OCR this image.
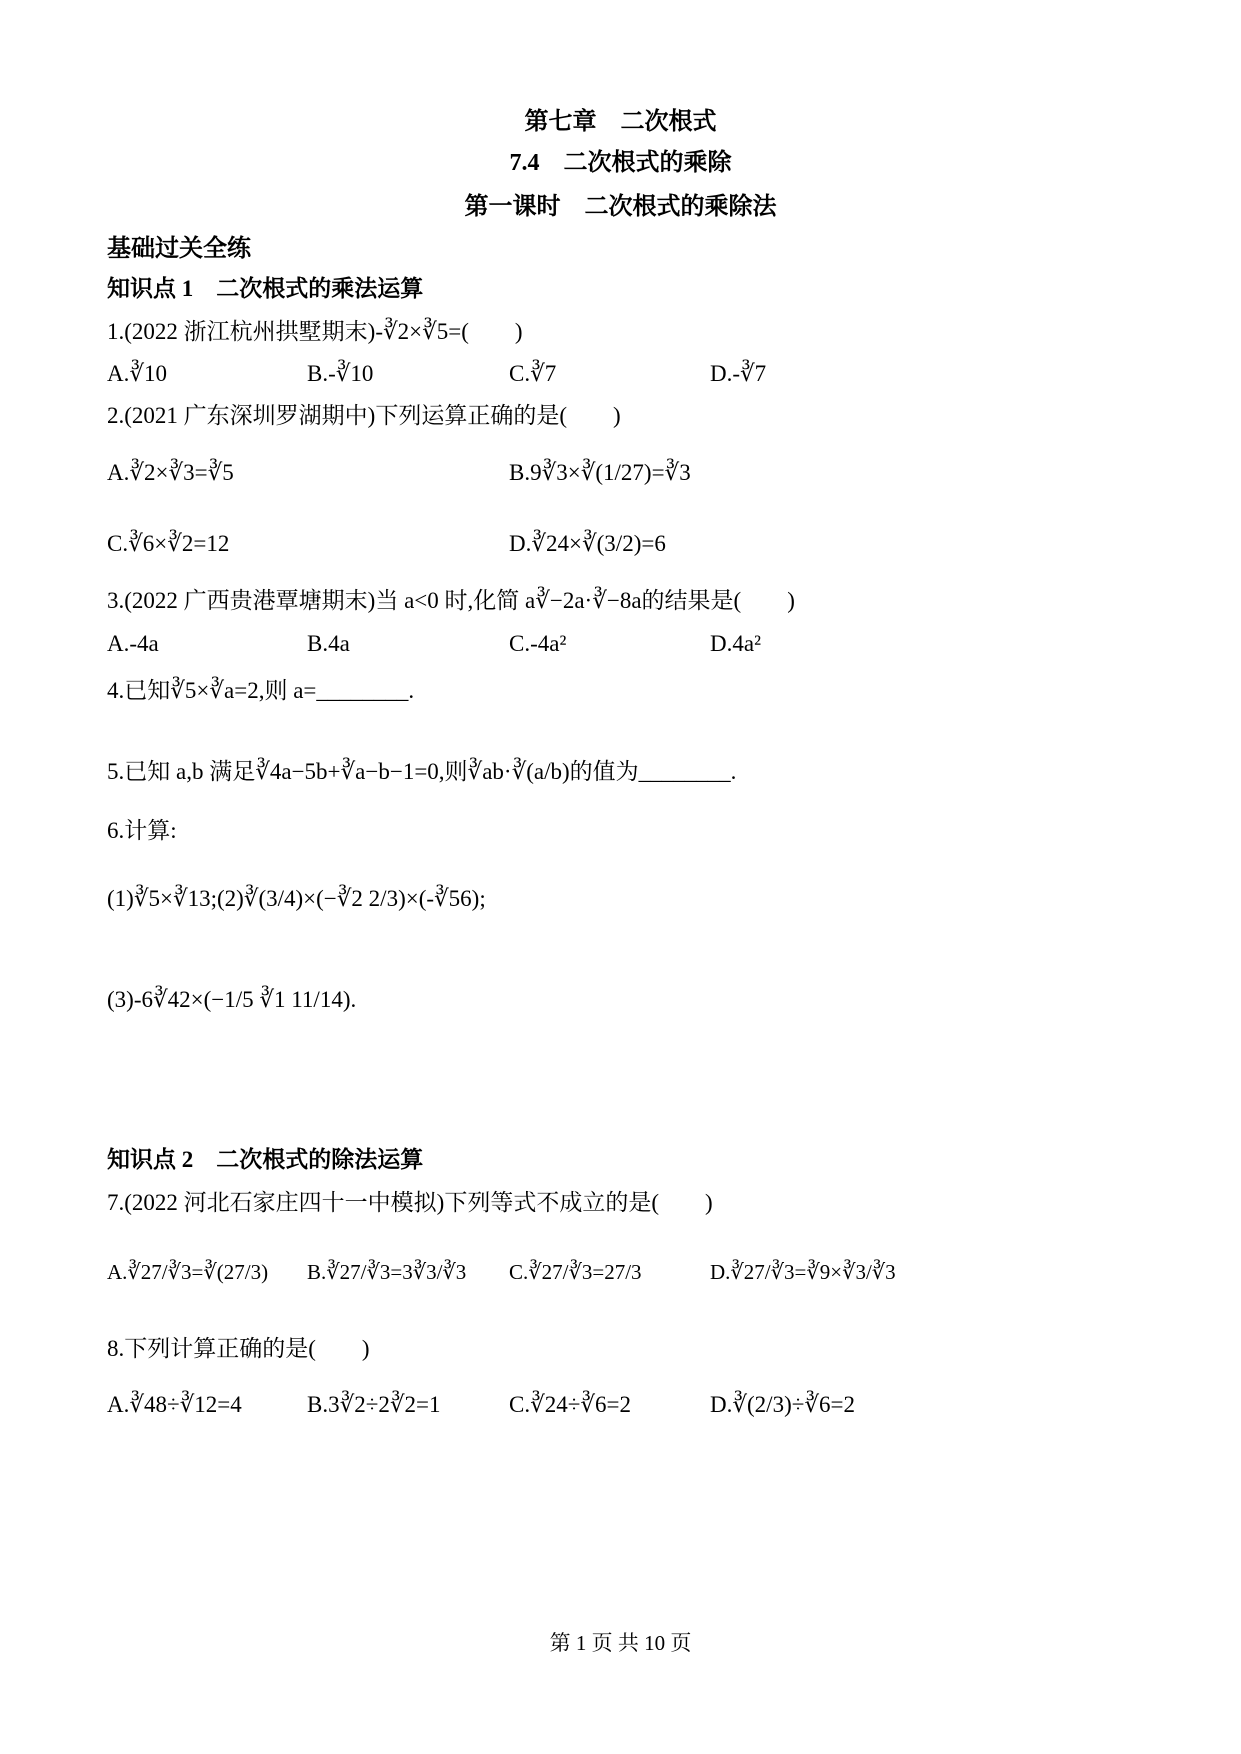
第七章　二次根式
7.4　二次根式的乘除
第一课时　二次根式的乘除法
基础过关全练
知识点 1　二次根式的乘法运算
1.(2022 浙江杭州拱墅期末)-∛2×∛5=(　　)
A.∛10	B.-∛10	C.∛7	D.-∛7
2.(2021 广东深圳罗湖期中)下列运算正确的是(　　)
A.∛2×∛3=∛5	B.9∛3×∛(1/27)=∛3
C.∛6×∛2=12	D.∛24×∛(3/2)=6
3.(2022 广西贵港覃塘期末)当 a<0 时,化简 a∛−2a·∛−8a的结果是(　　)
A.-4a	B.4a	C.-4a²	D.4a²
4.已知∛5×∛a=2,则 a=________.
5.已知 a,b 满足∛4a−5b+∛a−b−1=0,则∛ab·∛(a/b)的值为________.
6.计算:
(1)∛5×∛13;(2)∛(3/4)×(−∛2 2/3)×(-∛56);
(3)-6∛42×(−1/5 ∛1 11/14).
知识点 2　二次根式的除法运算
7.(2022 河北石家庄四十一中模拟)下列等式不成立的是(　　)
A.∛27/∛3=∛(27/3) B.∛27/∛3=3∛3/∛3 C.∛27/∛3=27/3	D.∛27/∛3=∛9×∛3/∛3
8.下列计算正确的是(　　)
A.∛48÷∛12=4	B.3∛2÷2∛2=1	C.∛24÷∛6=2	D.∛(2/3)÷∛6=2
第 1 页 共 10 页
